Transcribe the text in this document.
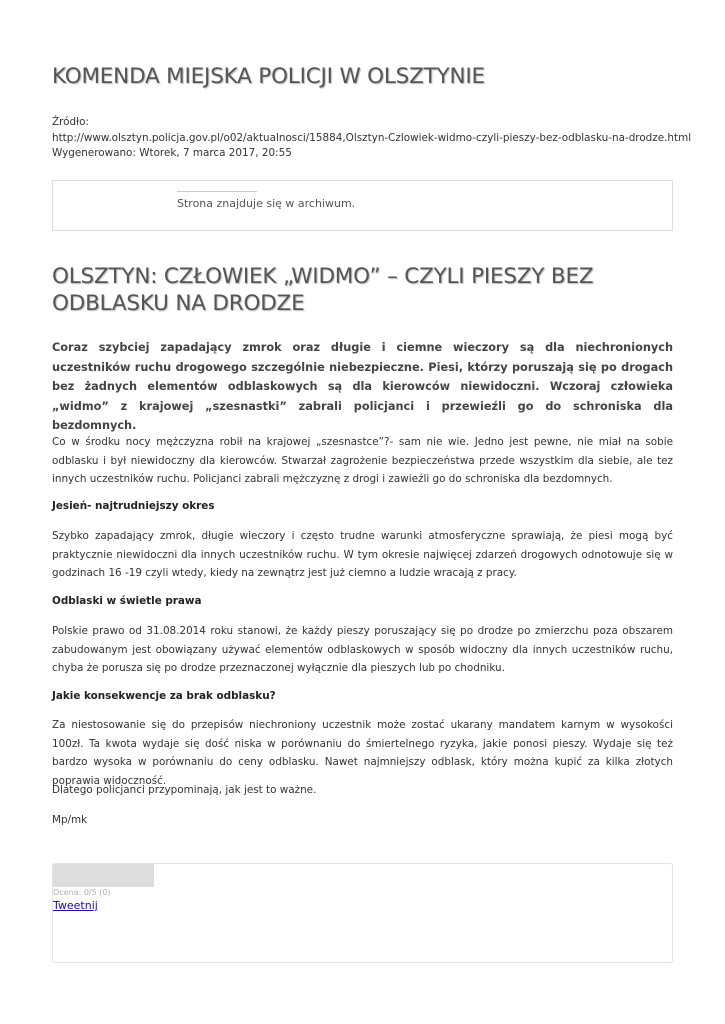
KOMENDA MIEJSKA POLICJI W OLSZTYNIE
Źródło:
http://www.olsztyn.policja.gov.pl/o02/aktualnosci/15884,Olsztyn-Czlowiek-widmo-czyli-pieszy-bez-odblasku-na-drodze.html
Wygenerowano: Wtorek, 7 marca 2017, 20:55
Strona znajduje się w archiwum.
OLSZTYN: CZŁOWIEK „WIDMO” – CZYLI PIESZY BEZ ODBLASKU NA DRODZE

Coraz szybciej zapadający zmrok oraz długie i ciemne wieczory są dla niechronionych uczestników ruchu drogowego szczególnie niebezpieczne. Piesi, którzy poruszają się po drogach bez żadnych elementów odblaskowych są dla kierowców niewidoczni. Wczoraj człowieka „widmo” z krajowej „szesnastki” zabrali policjanci i przewieźli go do schroniska dla bezdomnych.

Co w środku nocy mężczyzna robił na krajowej „szesnastce”?- sam nie wie. Jedno jest pewne, nie miał na sobie odblasku i był niewidoczny dla kierowców. Stwarzał zagrożenie bezpieczeństwa przede wszystkim dla siebie, ale tez innych uczestników ruchu. Policjanci zabrali mężczyznę z drogi i zawieźli go do schroniska dla bezdomnych.

Jesień- najtrudniejszy okres

Szybko zapadający zmrok, długie wieczory i często trudne warunki atmosferyczne sprawiają, że piesi mogą być praktycznie niewidoczni dla innych uczestników ruchu. W tym okresie najwięcej zdarzeń drogowych odnotowuje się w godzinach 16 -19 czyli wtedy, kiedy na zewnątrz jest już ciemno a ludzie wracają z pracy.

Odblaski w świetle prawa

Polskie prawo od 31.08.2014 roku stanowi, że każdy pieszy poruszający się po drodze po zmierzchu poza obszarem zabudowanym jest obowiązany używać elementów odblaskowych w sposób widoczny dla innych uczestników ruchu, chyba że porusza się po drodze przeznaczonej wyłącznie dla pieszych lub po chodniku.

Jakie konsekwencje za brak odblasku?

Za niestosowanie się do przepisów niechroniony uczestnik może zostać ukarany mandatem karnym w wysokości 100zł. Ta kwota wydaje się dość niska w porównaniu do śmiertelnego ryzyka, jakie ponosi pieszy. Wydaje się też bardzo wysoka w porównaniu do ceny odblasku. Nawet najmniejszy odblask, który można kupić za kilka złotych poprawia widoczność.

Dlatego policjanci przypominają, jak jest to ważne.

Mp/mk

Ocena: 0/5 (0)
Tweetnij
